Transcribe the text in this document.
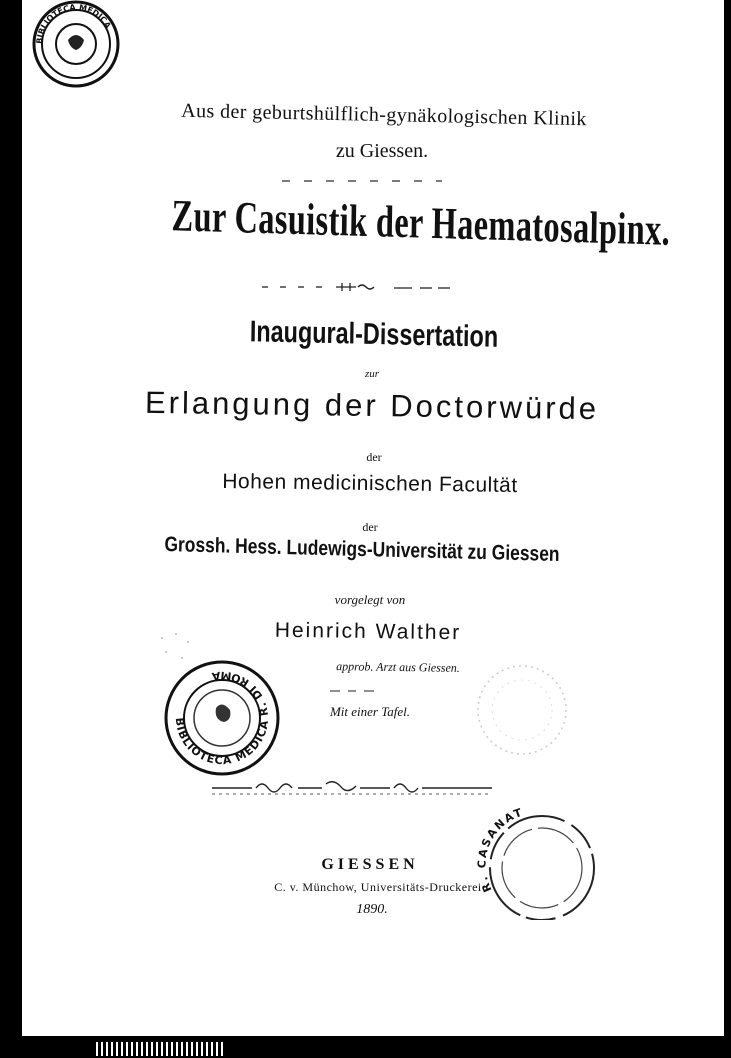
BIBLIOTECA MEDICA
Aus der geburtshülflich-gynäkologischen Klinik
zu Giessen.
Zur Casuistik der Haematosalpinx.
Inaugural-Dissertation
zur
Erlangung der Doctorwürde
der
Hohen medicinischen Facultät
der
Grossh. Hess. Ludewigs-Universität zu Giessen
vorgelegt von
Heinrich Walther
approb. Arzt aus Giessen.
Mit einer Tafel.
BIBLIOTECA MEDICA R. DI ROMA
GIESSEN
C. v. Münchow, Universitäts-Druckerei
1890.
R. CASANAT
